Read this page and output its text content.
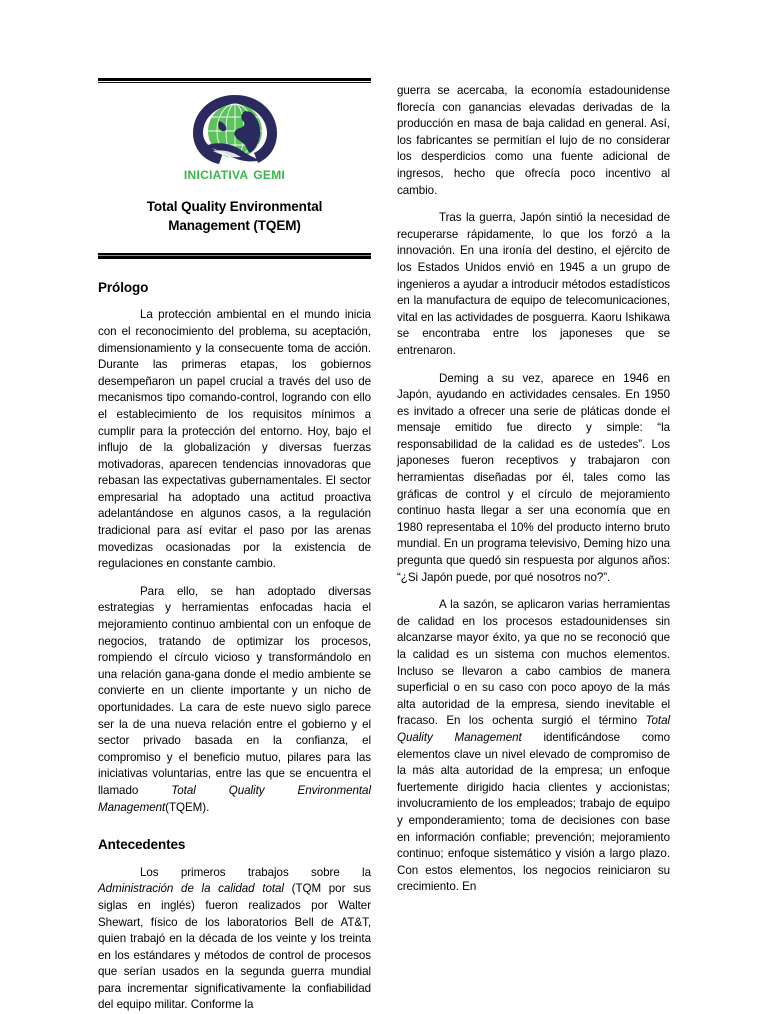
iniciativa gemi
Total Quality Environmental
Management (TQEM)
Prólogo

La protección ambiental en el mundo inicia con el reconocimiento del problema, su aceptación, dimensionamiento y la consecuente toma de acción. Durante las primeras etapas, los gobiernos desempeñaron un papel crucial a través del uso de mecanismos tipo comando-control, logrando con ello el establecimiento de los requisitos mínimos a cumplir para la protección del entorno. Hoy, bajo el influjo de la globalización y diversas fuerzas motivadoras, aparecen tendencias innovadoras que rebasan las expectativas gubernamentales. El sector empresarial ha adoptado una actitud proactiva adelantándose en algunos casos, a la regulación tradicional para así evitar el paso por las arenas movedizas ocasionadas por la existencia de regulaciones en constante cambio.

Para ello, se han adoptado diversas estrategias y herramientas enfocadas hacia el mejoramiento continuo ambiental con un enfoque de negocios, tratando de optimizar los procesos, rompiendo el círculo vicioso y transformándolo en una relación gana-gana donde el medio ambiente se convierte en un cliente importante y un nicho de oportunidades. La cara de este nuevo siglo parece ser la de una nueva relación entre el gobierno y el sector privado basada en la confianza, el compromiso y el beneficio mutuo, pilares para las iniciativas voluntarias, entre las que se encuentra el llamado Total Quality Environmental Management(TQEM).

Antecedentes

Los primeros trabajos sobre la Administración de la calidad total (TQM por sus siglas en inglés) fueron realizados por Walter Shewart, físico de los laboratorios Bell de AT&T, quien trabajó en la década de los veinte y los treinta en los estándares y métodos de control de procesos que serían usados en la segunda guerra mundial para incrementar significativamente la confiabilidad del equipo militar. Conforme la

guerra se acercaba, la economía estadounidense florecía con ganancias elevadas derivadas de la producción en masa de baja calidad en general. Así, los fabricantes se permitían el lujo de no considerar los desperdicios como una fuente adicional de ingresos, hecho que ofrecía poco incentivo al cambio.

Tras la guerra, Japón sintió la necesidad de recuperarse rápidamente, lo que los forzó a la innovación. En una ironía del destino, el ejército de los Estados Unidos envió en 1945 a un grupo de ingenieros a ayudar a introducir métodos estadísticos en la manufactura de equipo de telecomunicaciones, vital en las actividades de posguerra. Kaoru Ishikawa se encontraba entre los japoneses que se entrenaron.

Deming a su vez, aparece en 1946 en Japón, ayudando en actividades censales. En 1950 es invitado a ofrecer una serie de pláticas donde el mensaje emitido fue directo y simple: “la responsabilidad de la calidad es de ustedes”. Los japoneses fueron receptivos y trabajaron con herramientas diseñadas por él, tales como las gráficas de control y el círculo de mejoramiento continuo hasta llegar a ser una economía que en 1980 representaba el 10% del producto interno bruto mundial. En un programa televisivo, Deming hizo una pregunta que quedó sin respuesta por algunos años: “¿Si Japón puede, por qué nosotros no?”.

A la sazón, se aplicaron varias herramientas de calidad en los procesos estadounidenses sin alcanzarse mayor éxito, ya que no se reconoció que la calidad es un sistema con muchos elementos. Incluso se llevaron a cabo cambios de manera superficial o en su caso con poco apoyo de la más alta autoridad de la empresa, siendo inevitable el fracaso. En los ochenta surgió el término Total Quality Management identificándose como elementos clave un nivel elevado de compromiso de la más alta autoridad de la empresa; un enfoque fuertemente dirigido hacia clientes y accionistas; involucramiento de los empleados; trabajo de equipo y emponderamiento; toma de decisiones con base en información confiable; prevención; mejoramiento continuo; enfoque sistemático y visión a largo plazo. Con estos elementos, los negocios reiniciaron su crecimiento. En
